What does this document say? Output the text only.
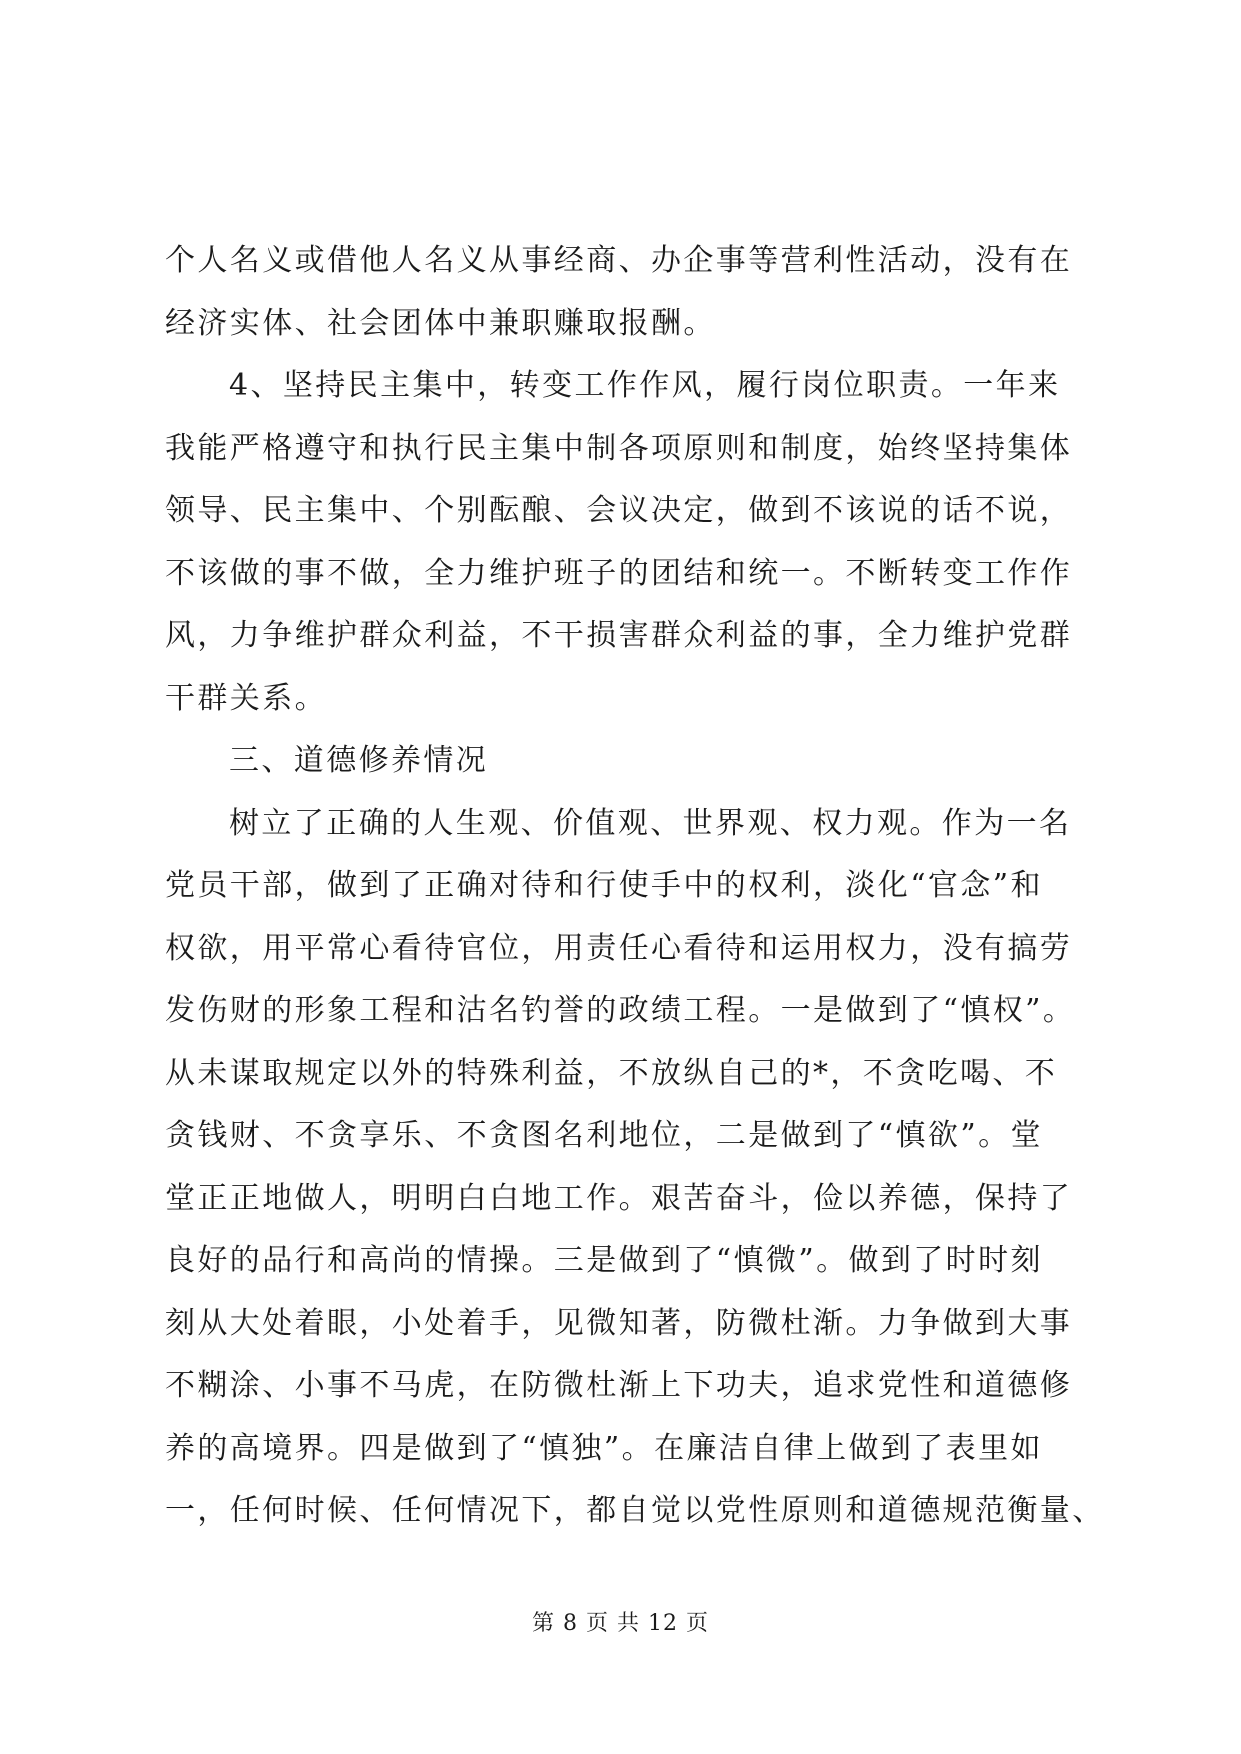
个人名义或借他人名义从事经商、办企事等营利性活动，没有在
经济实体、社会团体中兼职赚取报酬。
4、坚持民主集中，转变工作作风，履行岗位职责。一年来
我能严格遵守和执行民主集中制各项原则和制度，始终坚持集体
领导、民主集中、个别酝酿、会议决定，做到不该说的话不说，
不该做的事不做，全力维护班子的团结和统一。不断转变工作作
风，力争维护群众利益，不干损害群众利益的事，全力维护党群
干群关系。
三、道德修养情况
树立了正确的人生观、价值观、世界观、权力观。作为一名
党员干部，做到了正确对待和行使手中的权利，淡化“官念”和
权欲，用平常心看待官位，用责任心看待和运用权力，没有搞劳
发伤财的形象工程和沽名钓誉的政绩工程。一是做到了“慎权”。
从未谋取规定以外的特殊利益，不放纵自己的*，不贪吃喝、不
贪钱财、不贪享乐、不贪图名利地位，二是做到了“慎欲”。堂
堂正正地做人，明明白白地工作。艰苦奋斗，俭以养德，保持了
良好的品行和高尚的情操。三是做到了“慎微”。做到了时时刻
刻从大处着眼，小处着手，见微知著，防微杜渐。力争做到大事
不糊涂、小事不马虎，在防微杜渐上下功夫，追求党性和道德修
养的高境界。四是做到了“慎独”。在廉洁自律上做到了表里如
一，任何时候、任何情况下，都自觉以党性原则和道德规范衡量、
第 8 页 共 12 页
